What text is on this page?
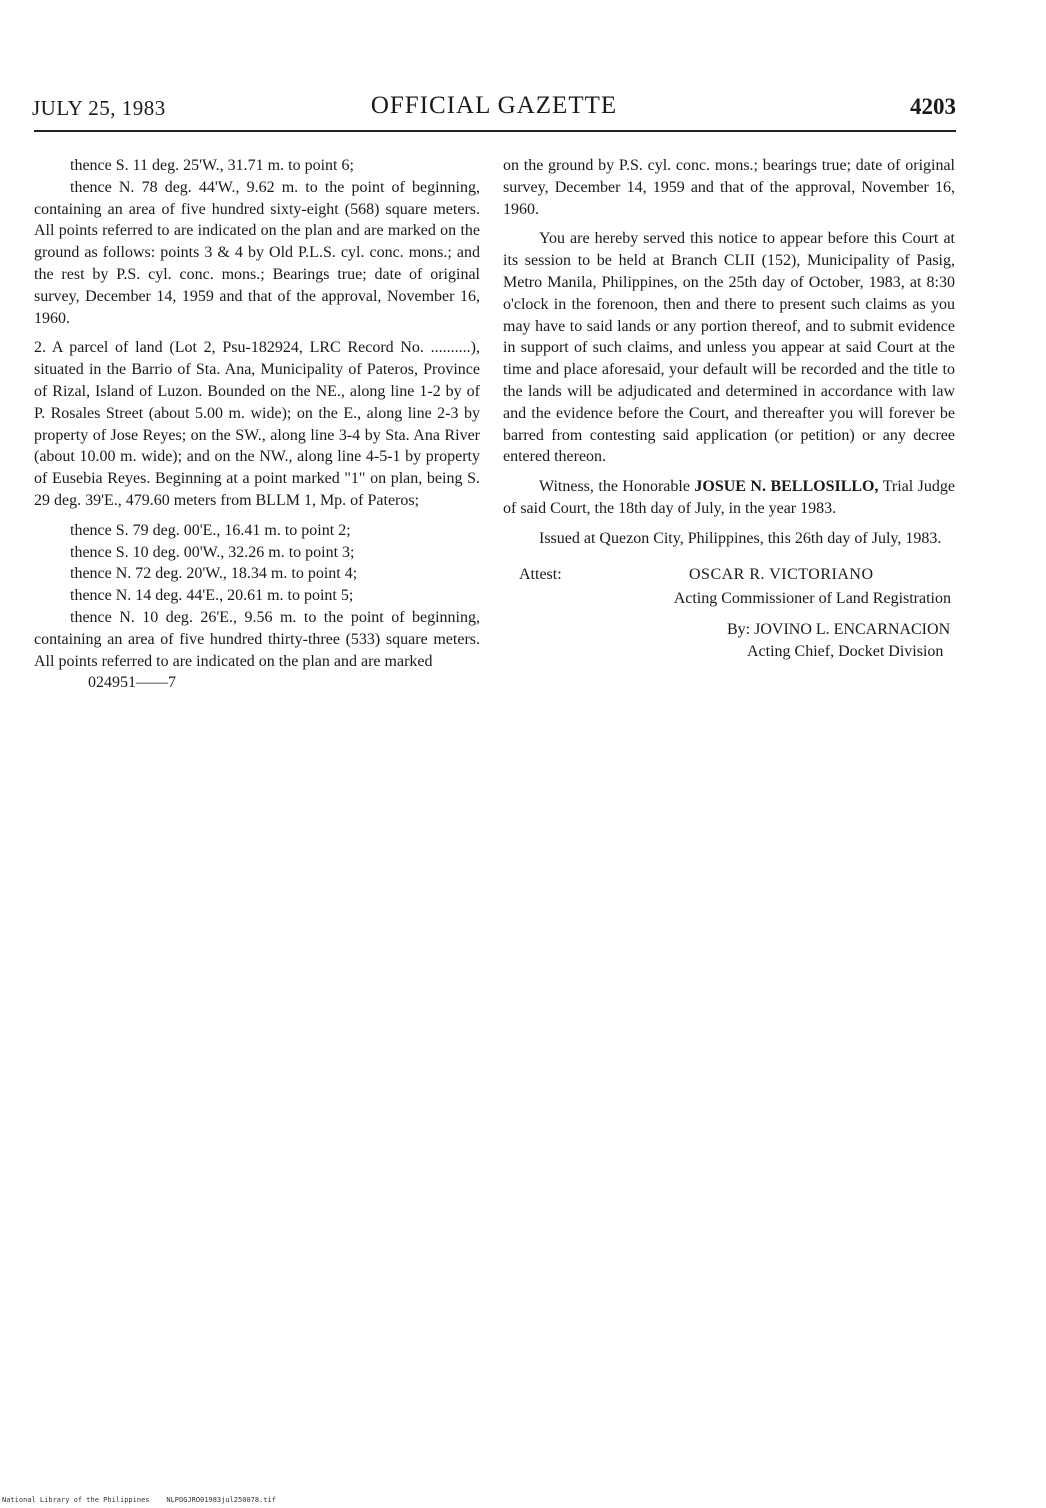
JULY 25, 1983	OFFICIAL GAZETTE	4203
thence S. 11 deg. 25'W., 31.71 m. to point 6;

thence N. 78 deg. 44'W., 9.62 m. to the point of beginning, containing an area of five hundred sixty-eight (568) square meters. All points referred to are indicated on the plan and are marked on the ground as follows: points 3 & 4 by Old P.L.S. cyl. conc. mons.; and the rest by P.S. cyl. conc. mons.; Bearings true; date of original survey, December 14, 1959 and that of the approval, November 16, 1960.

2. A parcel of land (Lot 2, Psu-182924, LRC Record No. ..........), situated in the Barrio of Sta. Ana, Municipality of Pateros, Province of Rizal, Island of Luzon. Bounded on the NE., along line 1-2 by of P. Rosales Street (about 5.00 m. wide); on the E., along line 2-3 by property of Jose Reyes; on the SW., along line 3-4 by Sta. Ana River (about 10.00 m. wide); and on the NW., along line 4-5-1 by property of Eusebia Reyes. Beginning at a point marked "1" on plan, being S. 29 deg. 39'E., 479.60 meters from BLLM 1, Mp. of Pateros;

thence S. 79 deg. 00'E., 16.41 m. to point 2;
thence S. 10 deg. 00'W., 32.26 m. to point 3;
thence N. 72 deg. 20'W., 18.34 m. to point 4;
thence N. 14 deg. 44'E., 20.61 m. to point 5;
thence N. 10 deg. 26'E., 9.56 m. to the point of beginning, containing an area of five hundred thirty-three (533) square meters. All points referred to are indicated on the plan and are marked
024951——7

on the ground by P.S. cyl. conc. mons.; bearings true; date of original survey, December 14, 1959 and that of the approval, November 16, 1960.

You are hereby served this notice to appear before this Court at its session to be held at Branch CLII (152), Municipality of Pasig, Metro Manila, Philippines, on the 25th day of October, 1983, at 8:30 o'clock in the forenoon, then and there to present such claims as you may have to said lands or any portion thereof, and to submit evidence in support of such claims, and unless you appear at said Court at the time and place aforesaid, your default will be recorded and the title to the lands will be adjudicated and determined in accordance with law and the evidence before the Court, and thereafter you will forever be barred from contesting said application (or petition) or any decree entered thereon.

Witness, the Honorable JOSUE N. BELLOSILLO, Trial Judge of said Court, the 18th day of July, in the year 1983.

Issued at Quezon City, Philippines, this 26th day of July, 1983.

Attest:	OSCAR R. VICTORIANO
Acting Commissioner of Land Registration
By: JOVINO L. ENCARNACION
Acting Chief, Docket Division
National Library of the Philippines    NLPOGJRO01983jul250078.tif
